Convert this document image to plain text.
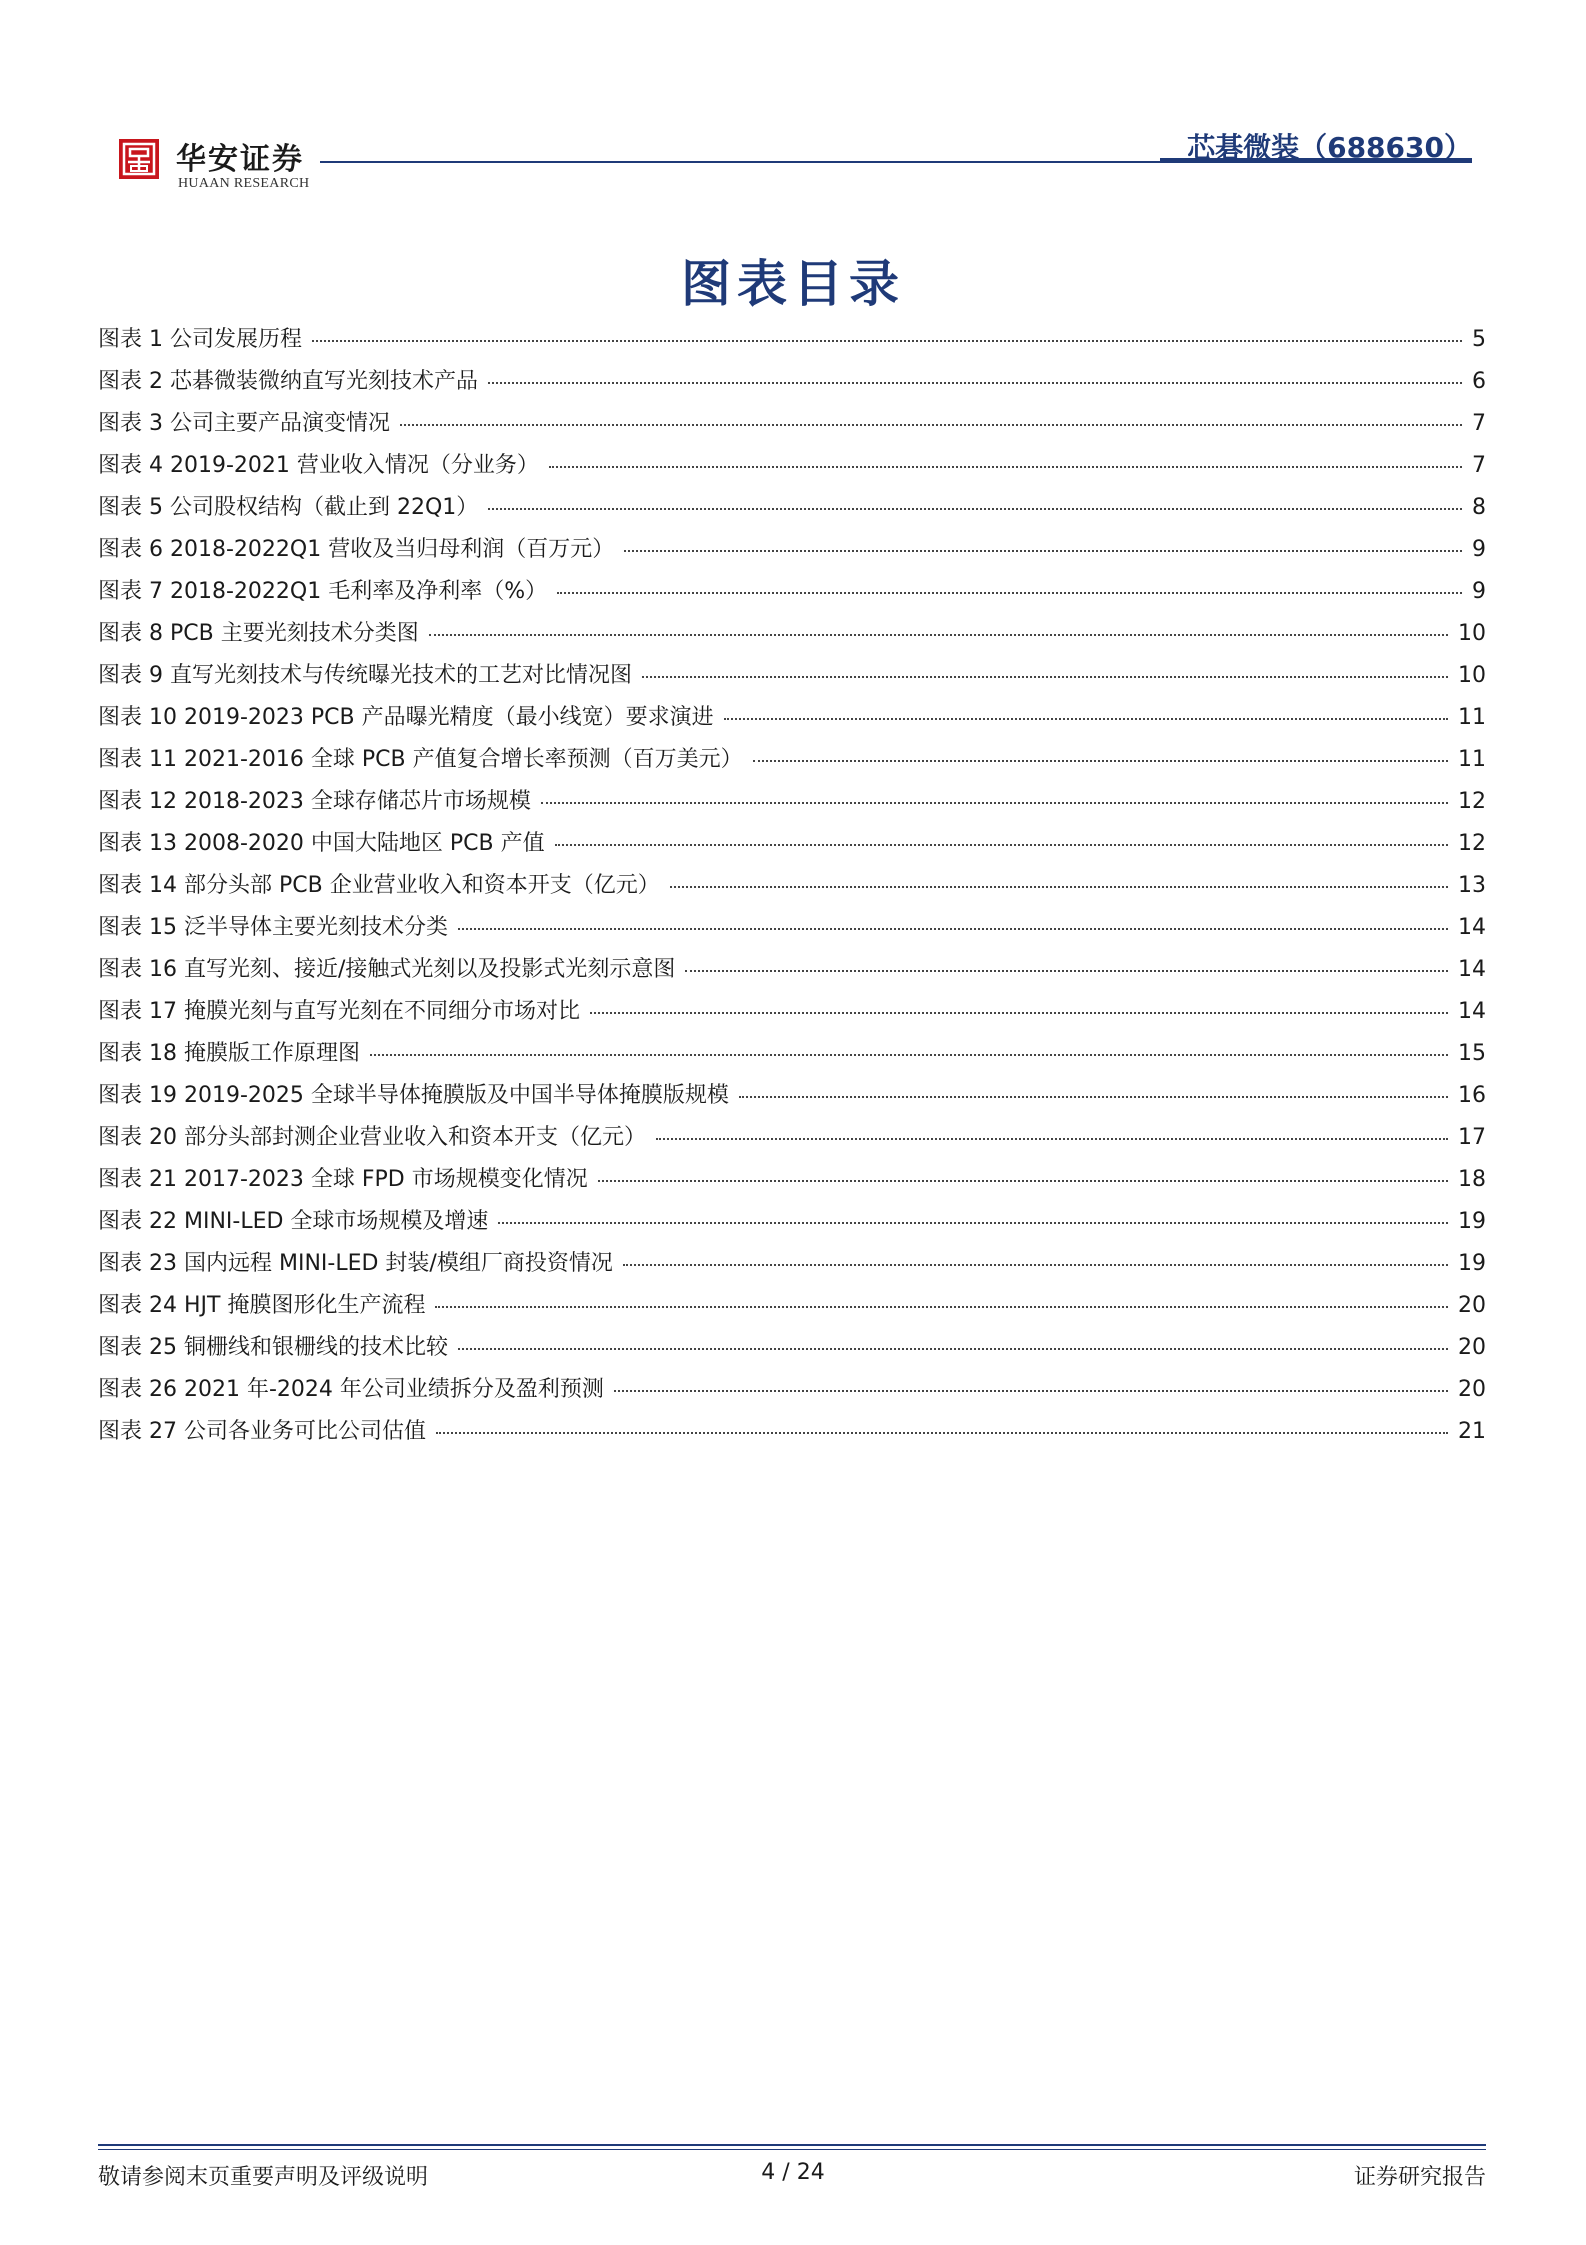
华安证券
HUAAN RESEARCH
芯碁微装（688630）
图表目录
图表 1 公司发展历程	5
图表 2 芯碁微装微纳直写光刻技术产品	6
图表 3 公司主要产品演变情况	7
图表 4 2019-2021 营业收入情况（分业务）	7
图表 5 公司股权结构（截止到 22Q1）	8
图表 6 2018-2022Q1 营收及当归母利润（百万元）	9
图表 7 2018-2022Q1 毛利率及净利率（%）	9
图表 8 PCB 主要光刻技术分类图	10
图表 9 直写光刻技术与传统曝光技术的工艺对比情况图	10
图表 10 2019-2023 PCB 产品曝光精度（最小线宽）要求演进	11
图表 11 2021-2016 全球 PCB 产值复合增长率预测（百万美元）	11
图表 12 2018-2023 全球存储芯片市场规模	12
图表 13 2008-2020 中国大陆地区 PCB 产值	12
图表 14 部分头部 PCB 企业营业收入和资本开支（亿元）	13
图表 15 泛半导体主要光刻技术分类	14
图表 16 直写光刻、接近/接触式光刻以及投影式光刻示意图	14
图表 17 掩膜光刻与直写光刻在不同细分市场对比	14
图表 18 掩膜版工作原理图	15
图表 19 2019-2025 全球半导体掩膜版及中国半导体掩膜版规模	16
图表 20 部分头部封测企业营业收入和资本开支（亿元）	17
图表 21 2017-2023 全球 FPD 市场规模变化情况	18
图表 22 MINI-LED 全球市场规模及增速	19
图表 23 国内远程 MINI-LED 封装/模组厂商投资情况	19
图表 24 HJT 掩膜图形化生产流程	20
图表 25 铜栅线和银栅线的技术比较	20
图表 26 2021 年-2024 年公司业绩拆分及盈利预测	20
图表 27 公司各业务可比公司估值	21
敬请参阅末页重要声明及评级说明	4 / 24	证券研究报告
